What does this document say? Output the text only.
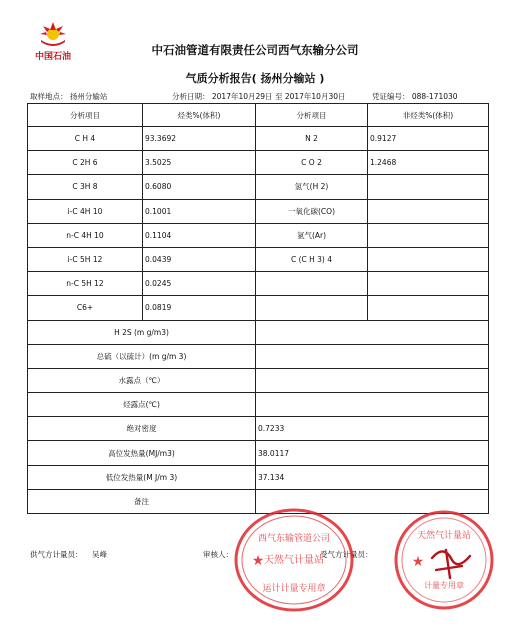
中国石油	中石油管道有限责任公司西气东输分公司
气质分析报告( 扬州分输站 )
取样地点： 扬州分输站	分析日期： 2017年10月29日 至 2017年10月30日	凭证编号： 088-171030
分析项目	烃类%(体积)	分析项目	非烃类%(体积)
C H 4	93.3692	N 2	0.9127
C 2H 6	3.5025	C O 2	1.2468
C 3H 8	0.6080	氢气(H 2)	
i-C 4H 10	0.1001	一氧化碳(CO)	
n-C 4H 10	0.1104	氩气(Ar)	
i-C 5H 12	0.0439	C (C H 3) 4	
n-C 5H 12	0.0245		
C6+	0.0819		
H 2S (m g/m3)			
总硫（以硫计）(m g/m 3)			
水露点（℃）			
烃露点(℃)			
绝对密度		0.7233	
高位发热量(MJ/m3)		38.0117	
低位发热量(M J/m 3)		37.134	
备注			
供气方计量员： 吴峰	审核人：	受气方计量员：
西气东输管道公司
天然气计量站
运计计量专用章
★
天然气计量站
计量专用章
★
